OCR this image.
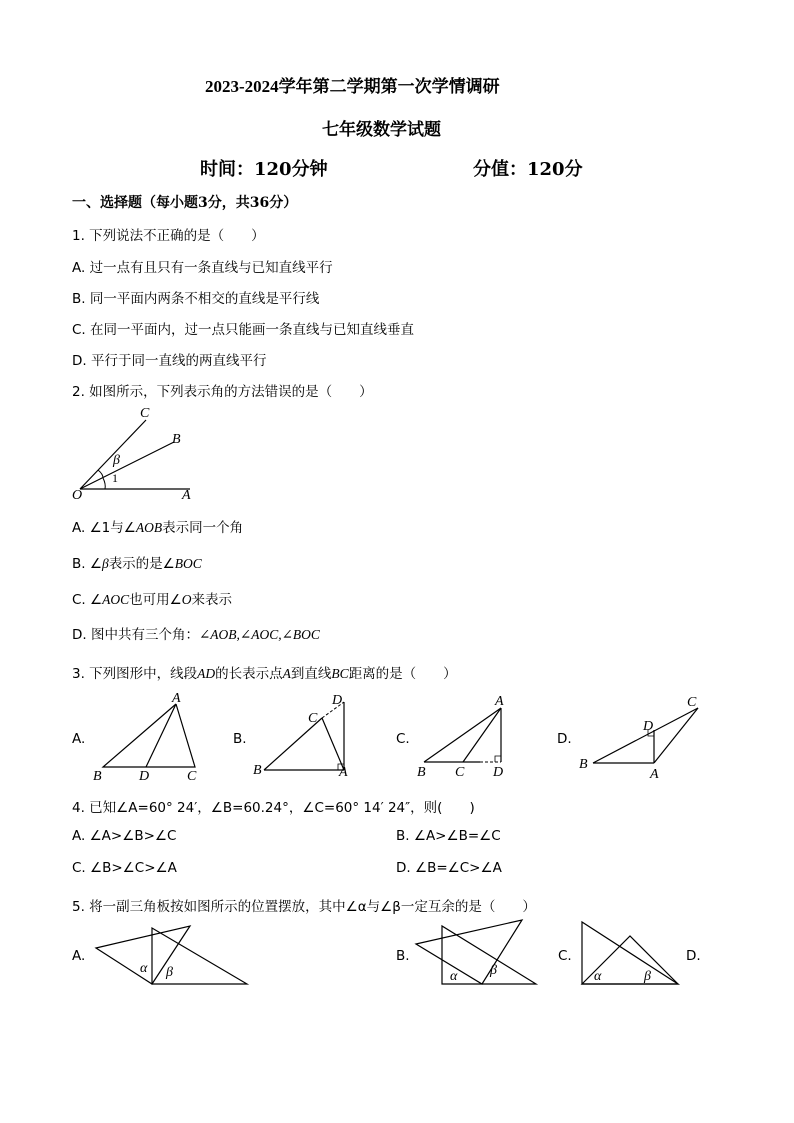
2023-2024学年第二学期第一次学情调研
七年级数学试题
时间：120分钟	分值：120分
一、选择题（每小题3分，共36分）
1. 下列说法不正确的是（　　）
A. 过一点有且只有一条直线与已知直线平行
B. 同一平面内两条不相交的直线是平行线
C. 在同一平面内，过一点只能画一条直线与已知直线垂直
D. 平行于同一直线的两直线平行
2. 如图所示，下列表示角的方法错误的是（　　）
C
B
β
1
O	A
A. ∠1与∠AOB表示同一个角
B. ∠β表示的是∠BOC
C. ∠AOC也可用∠O来表示
D. 图中共有三个角：∠AOB,∠AOC,∠BOC
3. 下列图形中，线段AD的长表示点A到直线BC距离的是（　　）
A.	B.	C.	D.
A
B	D	C
D
C
B	A
A
B C D
C
D
B
A
4. 已知∠A=60° 24′，∠B=60.24°，∠C=60° 14′ 24″，则(　　)
A. ∠A>∠B>∠C	B. ∠A>∠B=∠C
C. ∠B>∠C>∠A	D. ∠B=∠C>∠A
5. 将一副三角板按如图所示的位置摆放，其中∠α与∠β一定互余的是（　　）
A.	B.	C.	D.
α β	α β	α	β
